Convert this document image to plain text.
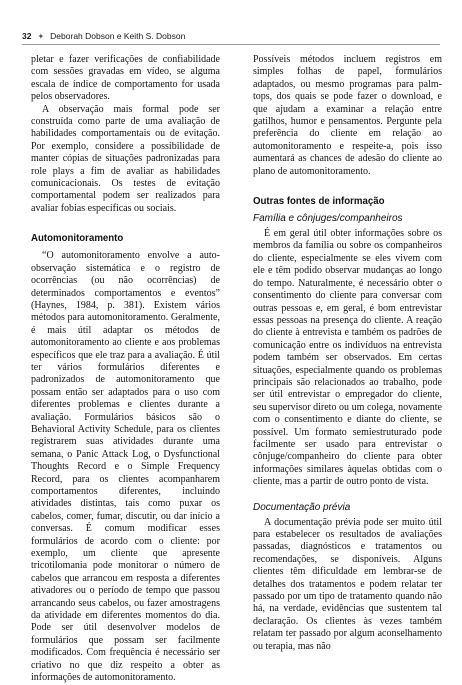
32 ✦ Deborah Dobson e Keith S. Dobson

pletar e fazer verificações de confiabilidade com sessões gravadas em vídeo, se alguma escala de índice de comportamento for usada pelos observadores.

A observação mais formal pode ser construída como parte de uma avaliação de habilidades comportamentais ou de evitação. Por exemplo, considere a possibilidade de manter cópias de situações padronizadas para role plays a fim de avaliar as habilidades comunicacionais. Os testes de evitação comportamental podem ser realizados para avaliar fobias específicas ou sociais.

Automonitoramento

“O automonitoramento envolve a auto-observação sistemática e o registro de ocorrências (ou não ocorrências) de determinados comportamentos e eventos” (Haynes, 1984, p. 381). Existem vários métodos para automonitoramento. Geralmente, é mais útil adaptar os métodos de automonitoramento ao cliente e aos problemas específicos que ele traz para a avaliação. É útil ter vários formulários diferentes e padronizados de automonitoramento que possam então ser adaptados para o uso com diferentes problemas e clientes durante a avaliação. Formulários básicos são o Behavioral Activity Schedule, para os clientes registrarem suas atividades durante uma semana, o Panic Attack Log, o Dysfunctional Thoughts Record e o Simple Frequency Record, para os clientes acompanharem comportamentos diferentes, incluindo atividades distintas, tais como puxar os cabelos, comer, fumar, discutir, ou dar início a conversas. É comum modificar esses formulários de acordo com o cliente: por exemplo, um cliente que apresente tricotilomania pode monitorar o número de cabelos que arrancou em resposta a diferentes ativadores ou o período de tempo que passou arrancando seus cabelos, ou fazer amostragens da atividade em diferentes momentos do dia. Pode ser útil desenvolver modelos de formulários que possam ser facilmente modificados. Com frequência é necessário ser criativo no que diz respeito a obter as informações de automonitoramento.

Possíveis métodos incluem registros em simples folhas de papel, formulários adaptados, ou mesmo programas para palm-tops, dos quais se pode fazer o download, e que ajudam a examinar a relação entre gatilhos, humor e pensamentos. Pergunte pela preferência do cliente em relação ao automonitoramento e respeite-a, pois isso aumentará as chances de adesão do cliente ao plano de automonitoramento.

Outras fontes de informação
Família e cônjuges/companheiros

É em geral útil obter informações sobre os membros da família ou sobre os companheiros do cliente, especialmente se eles vivem com ele e têm podido observar mudanças ao longo do tempo. Naturalmente, é necessário obter o consentimento do cliente para conversar com outras pessoas e, em geral, é bom entrevistar essas pessoas na presença do cliente. A reação do cliente à entrevista e também os padrões de comunicação entre os indivíduos na entrevista podem também ser observados. Em certas situações, especialmente quando os problemas principais são relacionados ao trabalho, pode ser útil entrevistar o empregador do cliente, seu supervisor direto ou um colega, novamente com o consentimento e diante do cliente, se possível. Um formato semiestruturado pode facilmente ser usado para entrevistar o cônjuge/companheiro do cliente para obter informações similares àquelas obtidas com o cliente, mas a partir de outro ponto de vista.

Documentação prévia

A documentação prévia pode ser muito útil para estabelecer os resultados de avaliações passadas, diagnósticos e tratamentos ou recomendações, se disponíveis. Alguns clientes têm dificuldade em lembrar-se de detalhes dos tratamentos e podem relatar ter passado por um tipo de tratamento quando não há, na verdade, evidências que sustentem tal declaração. Os clientes às vezes também relatam ter passado por algum aconselhamento ou terapia, mas não
